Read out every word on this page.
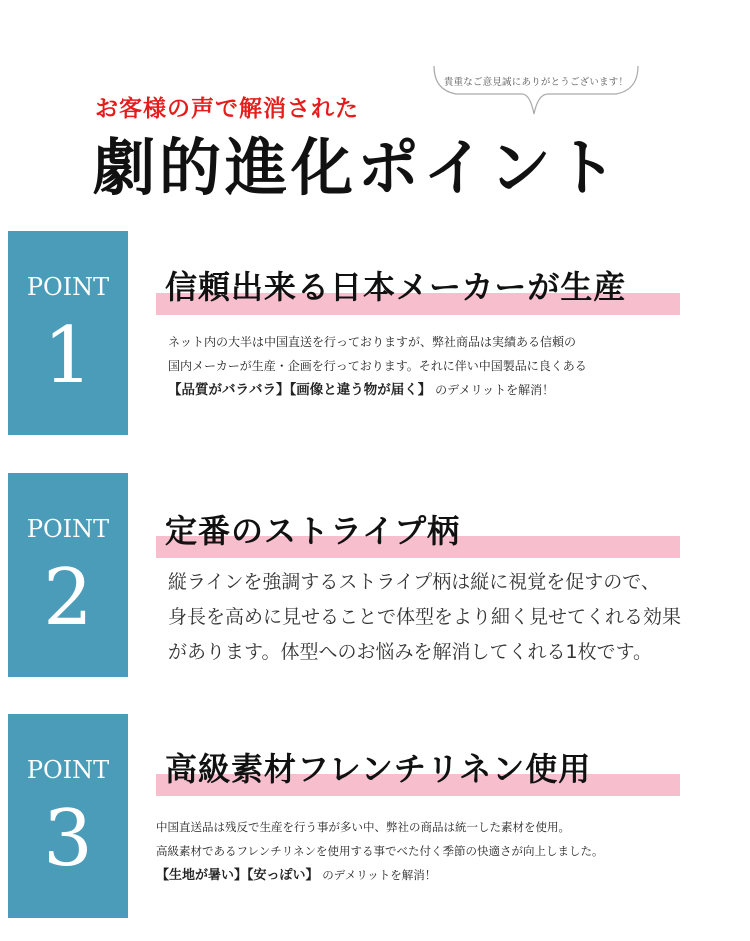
貴重なご意見誠にありがとうございます！
お客様の声で解消された
劇的進化ポイント
POINT
1
信頼出来る日本メーカーが生産
ネット内の大半は中国直送を行っておりますが、弊社商品は実績ある信頼の
国内メーカーが生産・企画を行っております。それに伴い中国製品に良くある
【品質がバラバラ】【画像と違う物が届く】 のデメリットを解消！
POINT
2
定番のストライプ柄
縦ラインを強調するストライプ柄は縦に視覚を促すので、
身長を高めに見せることで体型をより細く見せてくれる効果
があります。体型へのお悩みを解消してくれる1枚です。
POINT
3
高級素材フレンチリネン使用
中国直送品は残反で生産を行う事が多い中、弊社の商品は統一した素材を使用。
高級素材であるフレンチリネンを使用する事でべた付く季節の快適さが向上しました。
【生地が暑い】【安っぽい】 のデメリットを解消！
